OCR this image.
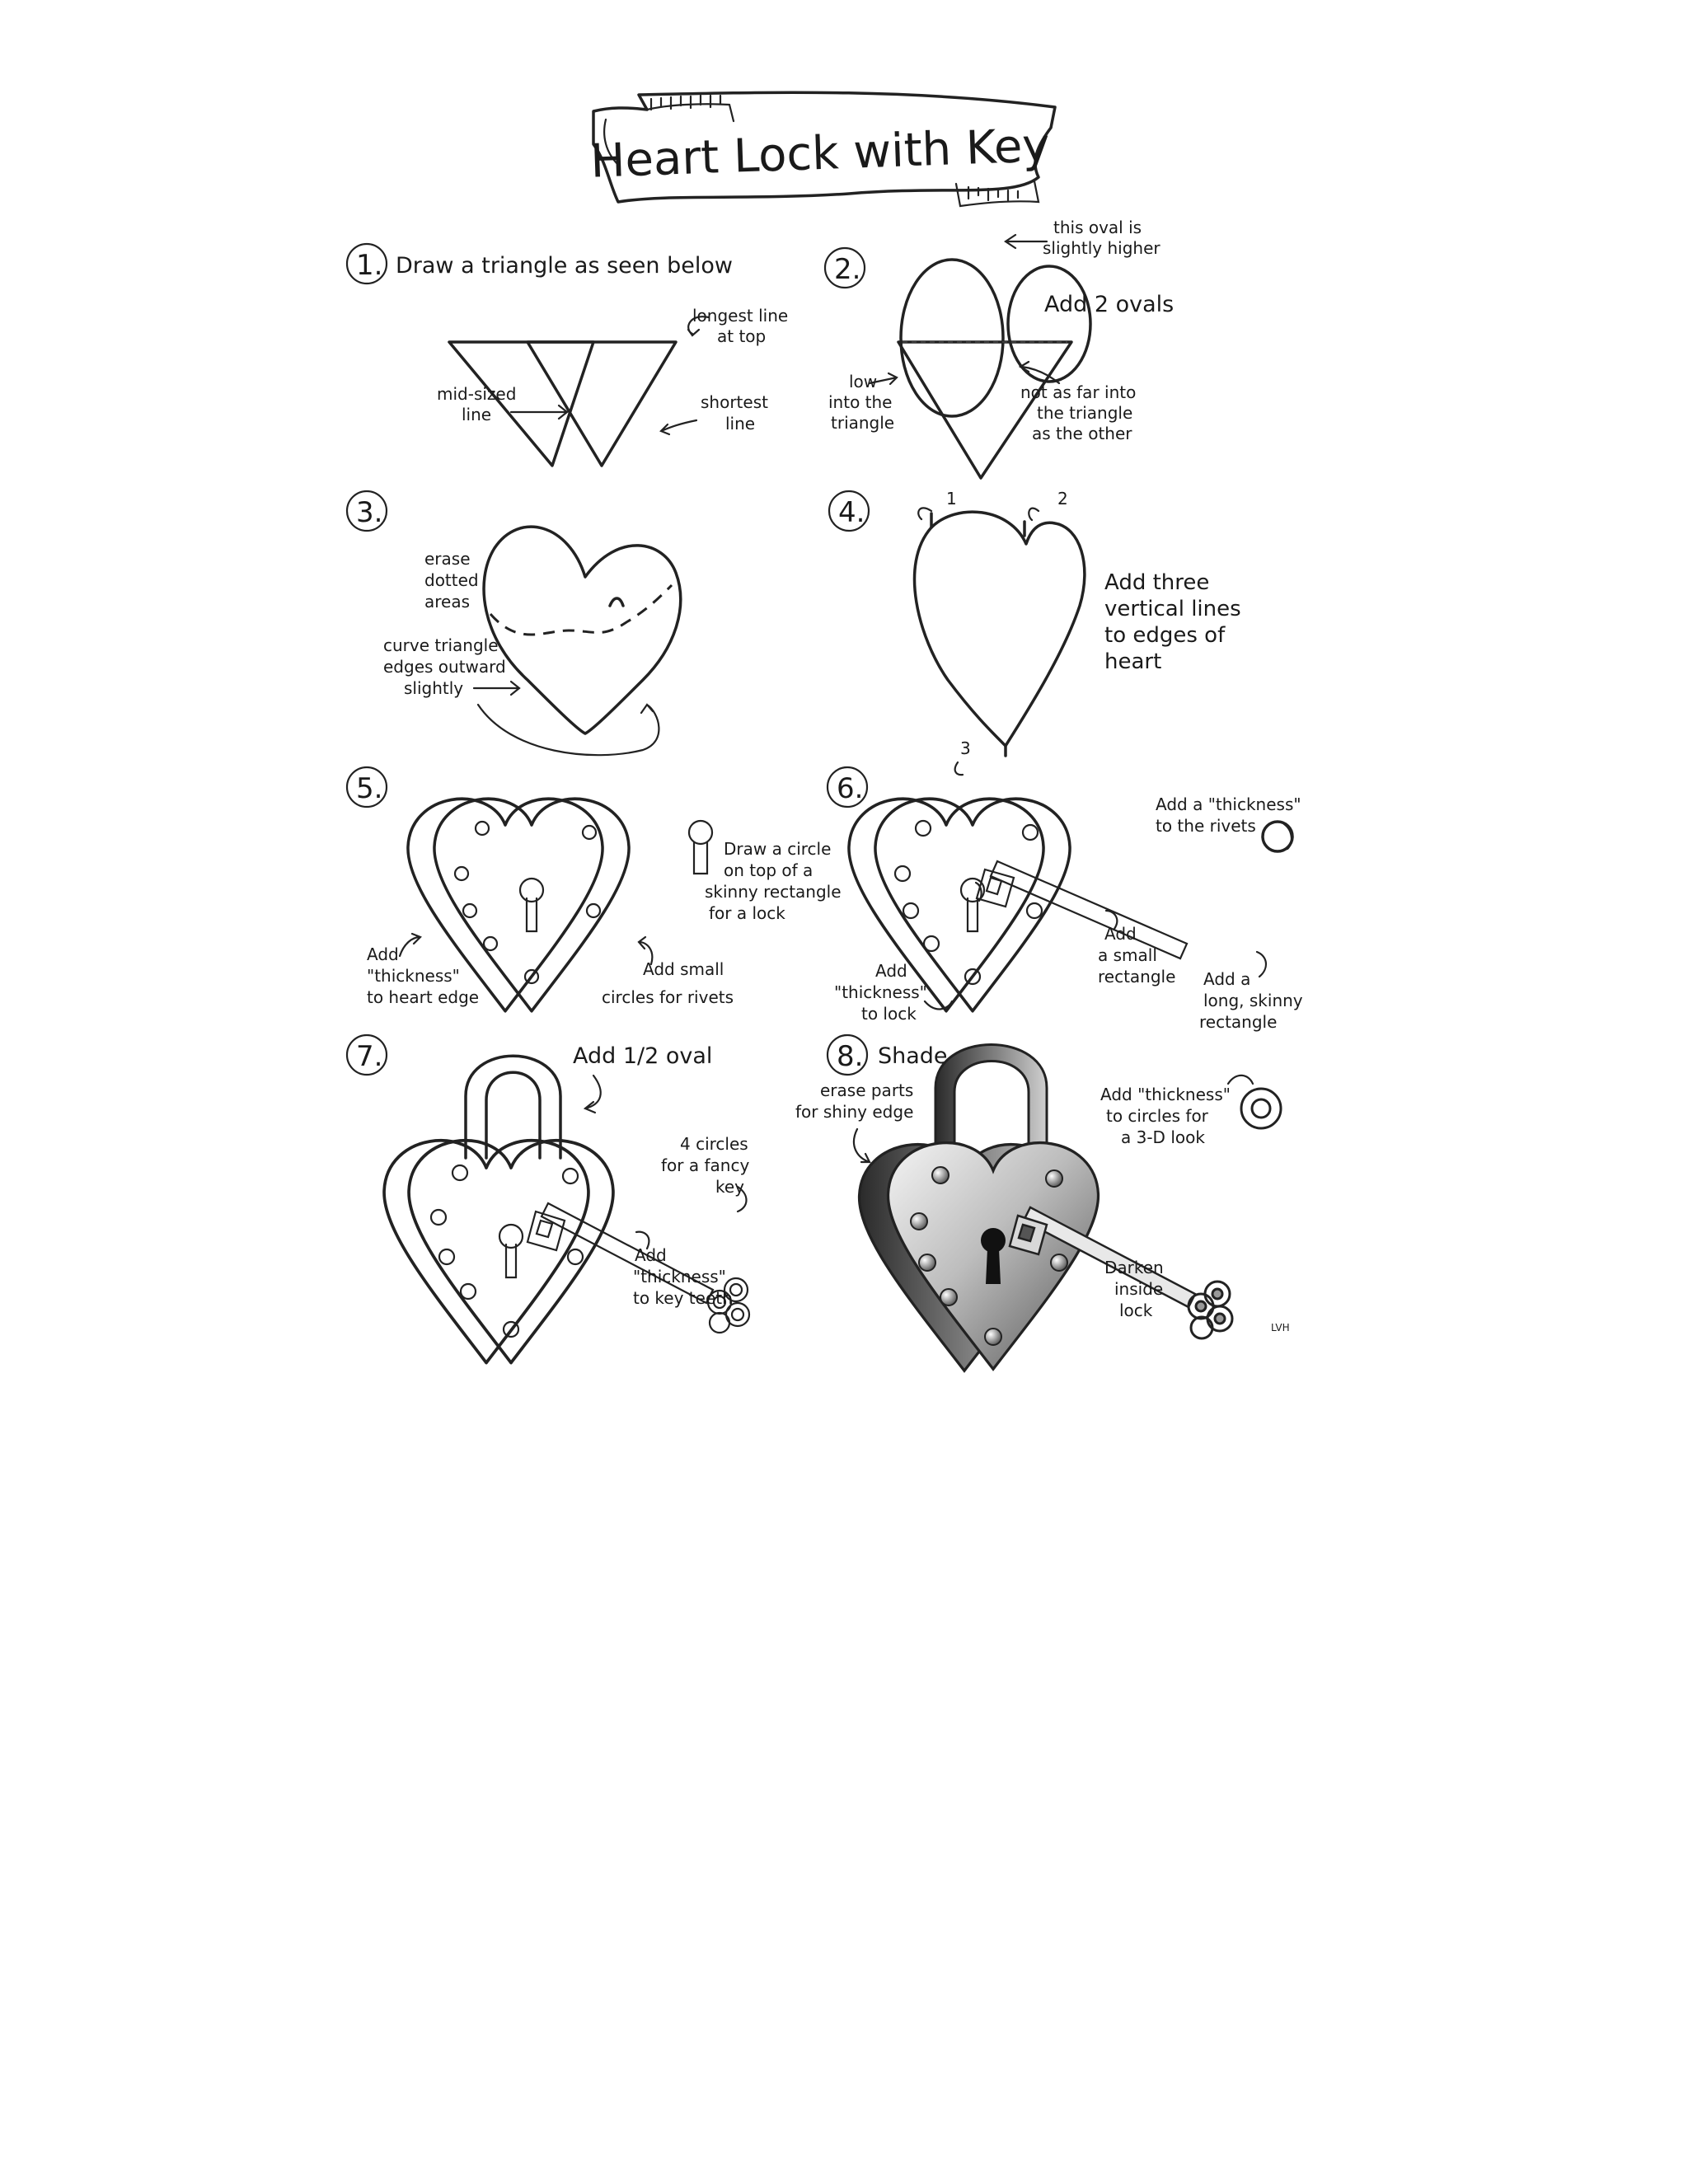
Heart Lock with Key
1. Draw a triangle as seen below
longest line
at top
mid-sized
line
shortest
line
2.
this oval is
slightly higher
Add 2 ovals
low
into the
triangle
not as far into
the triangle
as the other
3.
erase
dotted
areas
curve triangle
edges outward
slightly
4.	1	2
3
Add three
vertical lines
to edges of
heart
5.
Draw a circle
on top of a
skinny rectangle
for a lock
Add
"thickness"
to heart edge
Add small
circles for rivets
6.	Add a "thickness"
to the rivets
Add
a small
rectangle
Add
"thickness"
to lock
Add a
long, skinny
rectangle
7.	Add 1/2 oval
4 circles
for a fancy
key
Add
"thickness"
to key teeth
8. Shade
erase parts
for shiny edge
Add "thickness"
to circles for
a 3-D look
Darken
inside
lock
LVH
